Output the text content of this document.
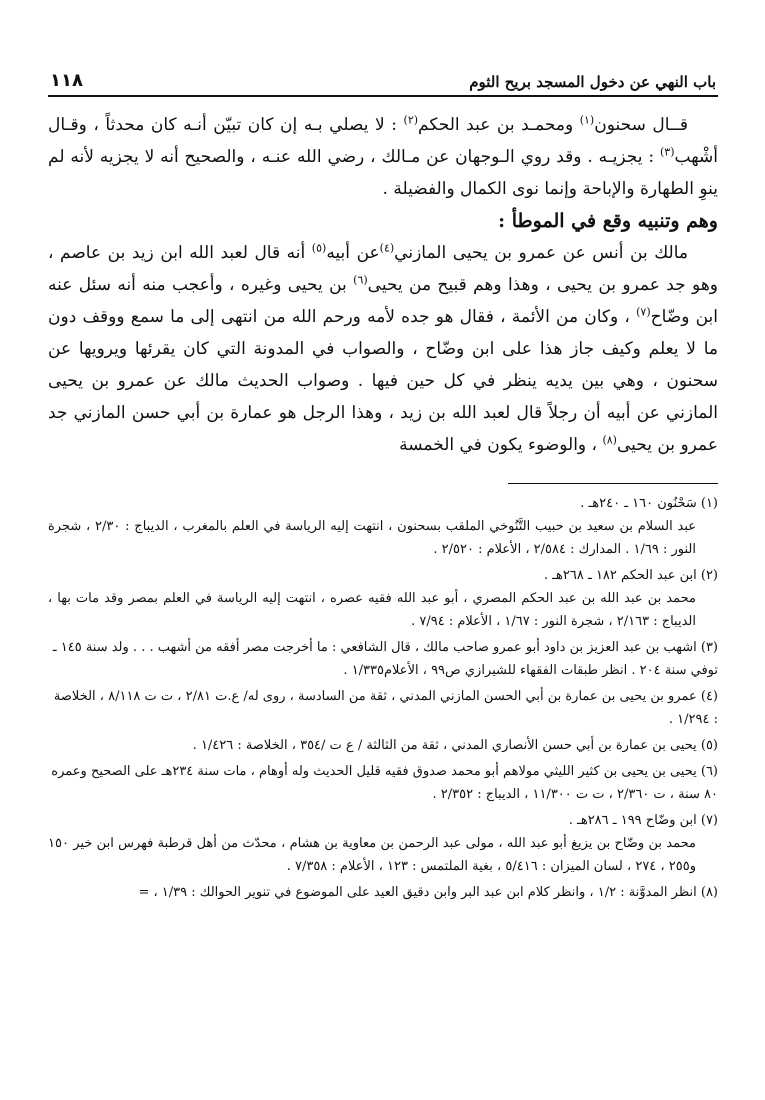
باب النهي عن دخول المسجد بريح الثوم
١١٨

قــال سحنون$^{(١)}$ ومحمـد بن عبد الحكم$^{(٢)}$ : لا يصلي بـه إن كان تبيّن أنـه كان محدثاً ، وقـال أشْهب$^{(٣)}$ : يجزيـه . وقد روي الـوجهان عن مـالك ، رضي الله عنـه ، والصحيح أنه لا يجزيه لأنه لم ينوِ الطهارة والإباحة وإنما نوى الكمال والفضيلة .

وهم وتنبيه وقع في الموطأ :

مالك بن أنس عن عمرو بن يحيى المازني$^{(٤)}$عن أبيه$^{(٥)}$ أنه قال لعبد الله ابن زيد بن عاصم ، وهو جد عمرو بن يحيى ، وهذا وهم قبيح من يحيى$^{(٦)}$ بن يحيى وغيره ، وأعجب منه أنه سئل عنه ابن وضّاح$^{(٧)}$ ، وكان من الأئمة ، فقال هو جده لأمه ورحم الله من انتهى إلى ما سمع ووقف دون ما لا يعلم وكيف جاز هذا على ابن وضّاح ، والصواب في المدونة التي كان يقرئها ويرويها عن سحنون ، وهي بين يديه ينظر في كل حين فيها . وصواب الحديث مالك عن عمرو بن يحيى المازني عن أبيه أن رجلاً قال لعبد الله بن زيد ، وهذا الرجل هو عمارة بن أبي حسن المازني جد عمرو بن يحيى$^{(٨)}$ ، والوضوء يكون في الخمسة

(١) سَحْنُون ١٦٠ ـ ٢٤٠هـ .
عبد السلام بن سعيد بن حبيب التَّنُوخي الملقب بسحنون ، انتهت إليه الرياسة في العلم بالمغرب ، الديباج : ٢/٣٠ ، شجرة النور : ١/٦٩ . المدارك : ٢/٥٨٤ ، الأعلام : ٢/٥٢٠ .
(٢) ابن عبد الحكم ١٨٢ ـ ٢٦٨هـ .
محمد بن عبد الله بن عبد الحكم المصري ، أبو عبد الله فقيه عصره ، انتهت إليه الرياسة في العلم بمصر وقد مات بها ، الديباج : ٢/١٦٣ ، شجرة النور : ١/٦٧ ، الأعلام : ٧/٩٤ .
(٣) اشهب بن عبد العزيز بن داود أبو عمرو صاحب مالك ، قال الشافعي : ما أخرجت مصر أفقه من أشهب . . . ولد سنة ١٤٥ ـ توفي سنة ٢٠٤ . انظر طبقات الفقهاء للشيرازي ص٩٩ ، الأعلام١/٣٣٥ .
(٤) عمرو بن يحيى بن عمارة بن أبي الحسن المازني المدني ، ثقة من السادسة ، روى له/ ع.ت ٢/٨١ ، ت ت ٨/١١٨ ، الخلاصة : ١/٢٩٤ .
(٥) يحيى بن عمارة بن أبي حسن الأنصاري المدني ، ثقة من الثالثة / ع ت /٣٥٤ ، الخلاصة : ١/٤٢٦ .
(٦) يحيى بن يحيى بن كثير الليثي مولاهم أبو محمد صدوق فقيه قليل الحديث وله أوهام ، مات سنة ٢٣٤هـ على الصحيح وعمره ٨٠ سنة ، ت ٢/٣٦٠ ، ت ت ١١/٣٠٠ ، الديباج : ٢/٣٥٢ .
(٧) ابن وضّاح ١٩٩ ـ ٢٨٦هـ .
محمد بن وضّاح بن يزيغ أبو عبد الله ، مولى عبد الرحمن بن معاوية بن هشام ، محدّث من أهل قرطبة فهرس ابن خير ١٥٠ و٢٥٥ ، ٢٧٤ ، لسان الميزان : ٥/٤١٦ ، بغية الملتمس : ١٢٣ ، الأعلام : ٧/٣٥٨ .
(٨) انظر المدوَّنة : ١/٢ ، وانظر كلام ابن عبد البر وابن دقيق العيد على الموضوع في تنوير الحوالك : ١/٣٩ ، =
